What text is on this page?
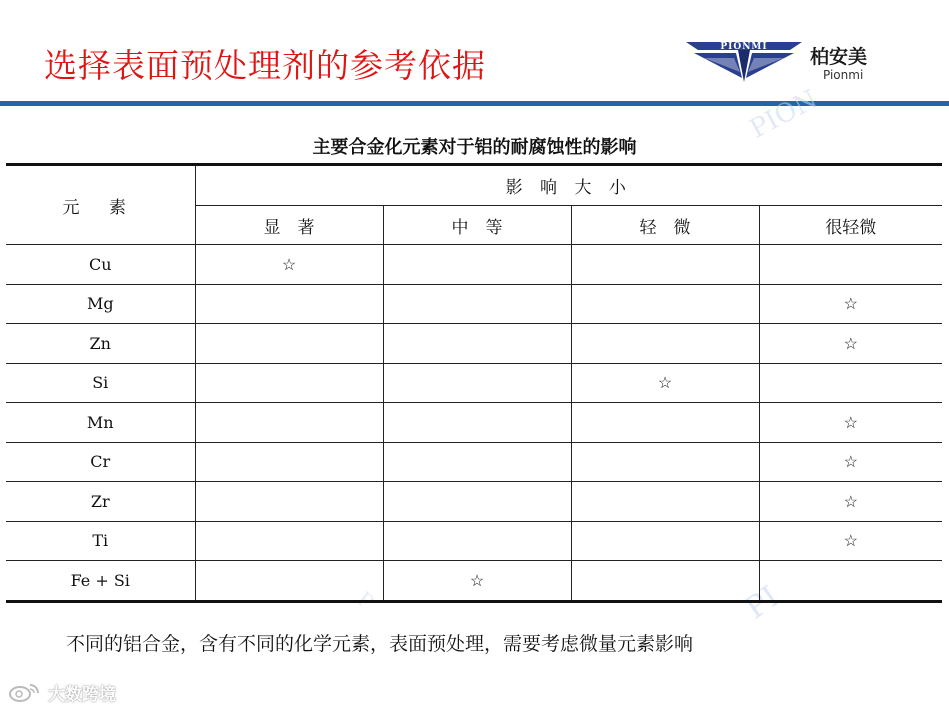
选择表面预处理剂的参考依据	PIONMI 柏安美
Pionmi
PION
PI
P
主要合金化元素对于铝的耐腐蚀性的影响
元 素	影 响 大 小			
	显　著	中　等	轻　微	很轻微
Cu	☆			
Mg				☆
Zn				☆
Si			☆	
Mn				☆
Cr				☆
Zr				☆
Ti				☆
Fe + Si		☆		
不同的铝合金，含有不同的化学元素，表面预处理，需要考虑微量元素影响
大数跨境
